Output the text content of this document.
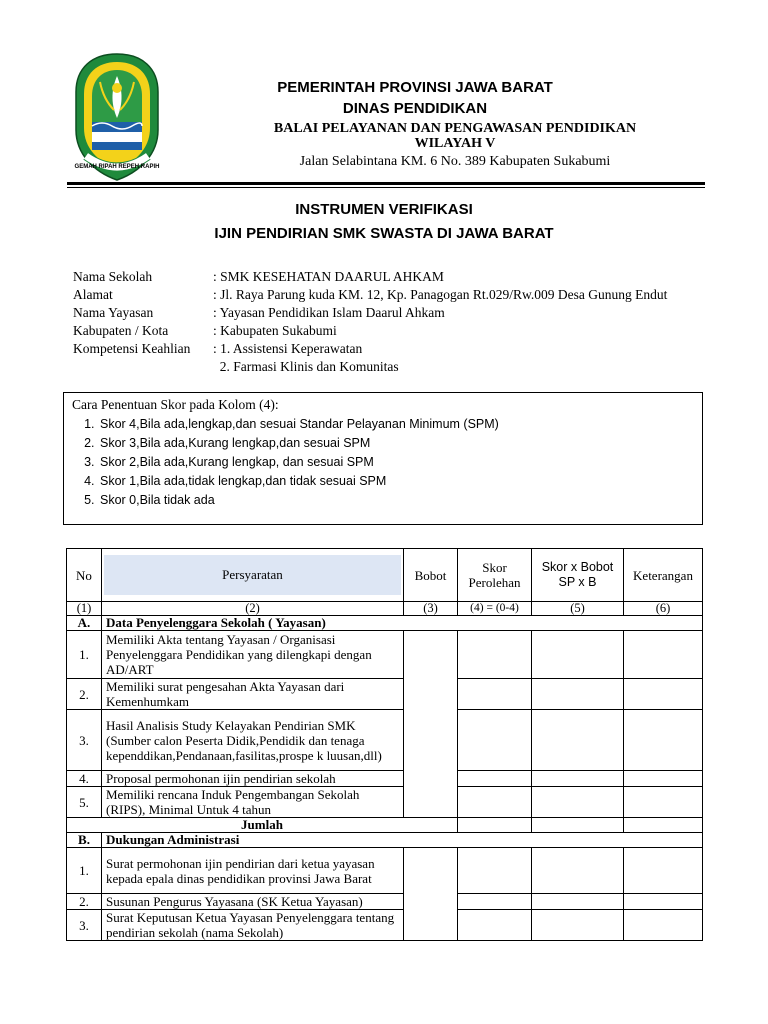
GEMAH RIPAH REPEH RAPIH
PEMERINTAH PROVINSI JAWA BARAT
DINAS PENDIDIKAN
BALAI PELAYANAN DAN PENGAWASAN PENDIDIKAN
WILAYAH V
Jalan Selabintana KM. 6 No. 389 Kabupaten Sukabumi
INSTRUMEN VERIFIKASI
IJIN PENDIRIAN SMK SWASTA DI JAWA BARAT
Nama Sekolah	: SMK KESEHATAN DAARUL AHKAM
Alamat	: Jl. Raya Parung kuda KM. 12, Kp. Panagogan Rt.029/Rw.009 Desa Gunung Endut
Nama Yayasan	: Yayasan Pendidikan Islam Daarul Ahkam
Kabupaten / Kota	: Kabupaten Sukabumi
Kompetensi Keahlian : 1. Assistensi Keperawatan
2. Farmasi Klinis dan Komunitas
Cara Penentuan Skor pada Kolom (4):
1. Skor 4,Bila ada,lengkap,dan sesuai Standar Pelayanan Minimum (SPM)
2. Skor 3,Bila ada,Kurang lengkap,dan sesuai SPM
3. Skor 2,Bila ada,Kurang lengkap, dan sesuai SPM
4. Skor 1,Bila ada,tidak lengkap,dan tidak sesuai SPM
5. Skor 0,Bila tidak ada
No	Persyaratan	Bobot	Skor Perolehan	Skor x Bobot SP x B	Keterangan
(1)	(2)	(3)	(4) = (0-4)	(5)	(6)
A.	Data Penyelenggara Sekolah ( Yayasan)				
1.	Memiliki Akta tentang Yayasan / Organisasi Penyelenggara Pendidikan yang dilengkapi dengan AD/ART				
2.	Memiliki surat pengesahan Akta Yayasan dari Kemenhumkam				
3.	Hasil Analisis Study Kelayakan Pendirian SMK (Sumber calon Peserta Didik,Pendidik dan tenaga kependdikan,Pendanaan,fasilitas,prospe k luusan,dll)				
4.	Proposal permohonan ijin pendirian sekolah				
5.	Memiliki rencana Induk Pengembangan Sekolah (RIPS), Minimal Untuk 4 tahun				
Jumlah					
B.	Dukungan Administrasi				
1.	Surat permohonan ijin pendirian dari ketua yayasan kepada epala dinas pendidikan provinsi Jawa Barat				
2.	Susunan Pengurus Yayasana (SK Ketua Yayasan)				
3.	Surat Keputusan Ketua Yayasan Penyelenggara tentang pendirian sekolah (nama Sekolah)				
